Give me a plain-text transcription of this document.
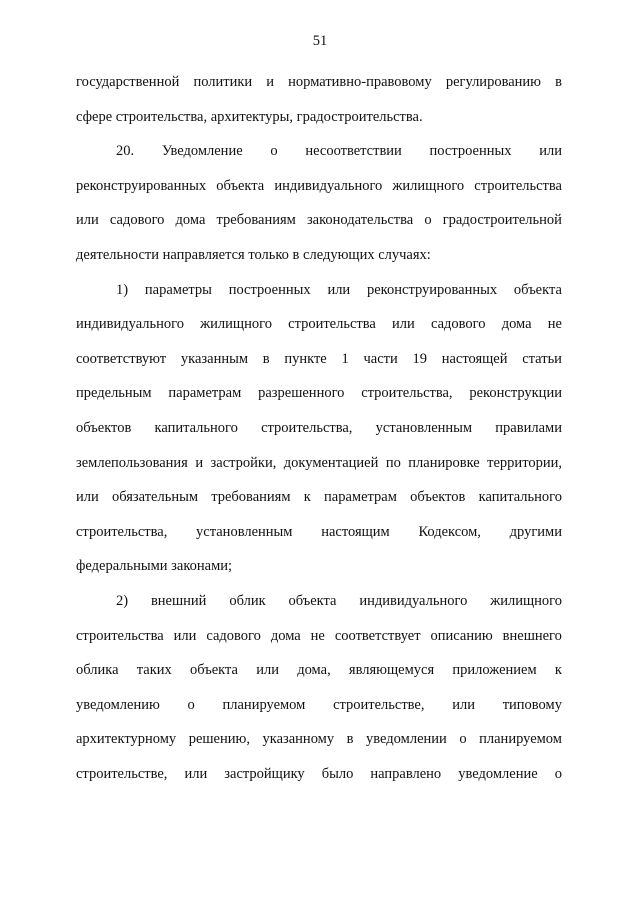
51
государственной политики и нормативно-правовому регулированию в
сфере строительства, архитектуры, градостроительства.
20. Уведомление о несоответствии построенных или
реконструированных объекта индивидуального жилищного строительства
или садового дома требованиям законодательства о градостроительной
деятельности направляется только в следующих случаях:
1) параметры построенных или реконструированных объекта
индивидуального жилищного строительства или садового дома не
соответствуют указанным в пункте 1 части 19 настоящей статьи
предельным параметрам разрешенного строительства, реконструкции
объектов капитального строительства, установленным правилами
землепользования и застройки, документацией по планировке территории,
или обязательным требованиям к параметрам объектов капитального
строительства, установленным настоящим Кодексом, другими
федеральными законами;
2) внешний облик объекта индивидуального жилищного
строительства или садового дома не соответствует описанию внешнего
облика таких объекта или дома, являющемуся приложением к
уведомлению о планируемом строительстве, или типовому
архитектурному решению, указанному в уведомлении о планируемом
строительстве, или застройщику было направлено уведомление о
